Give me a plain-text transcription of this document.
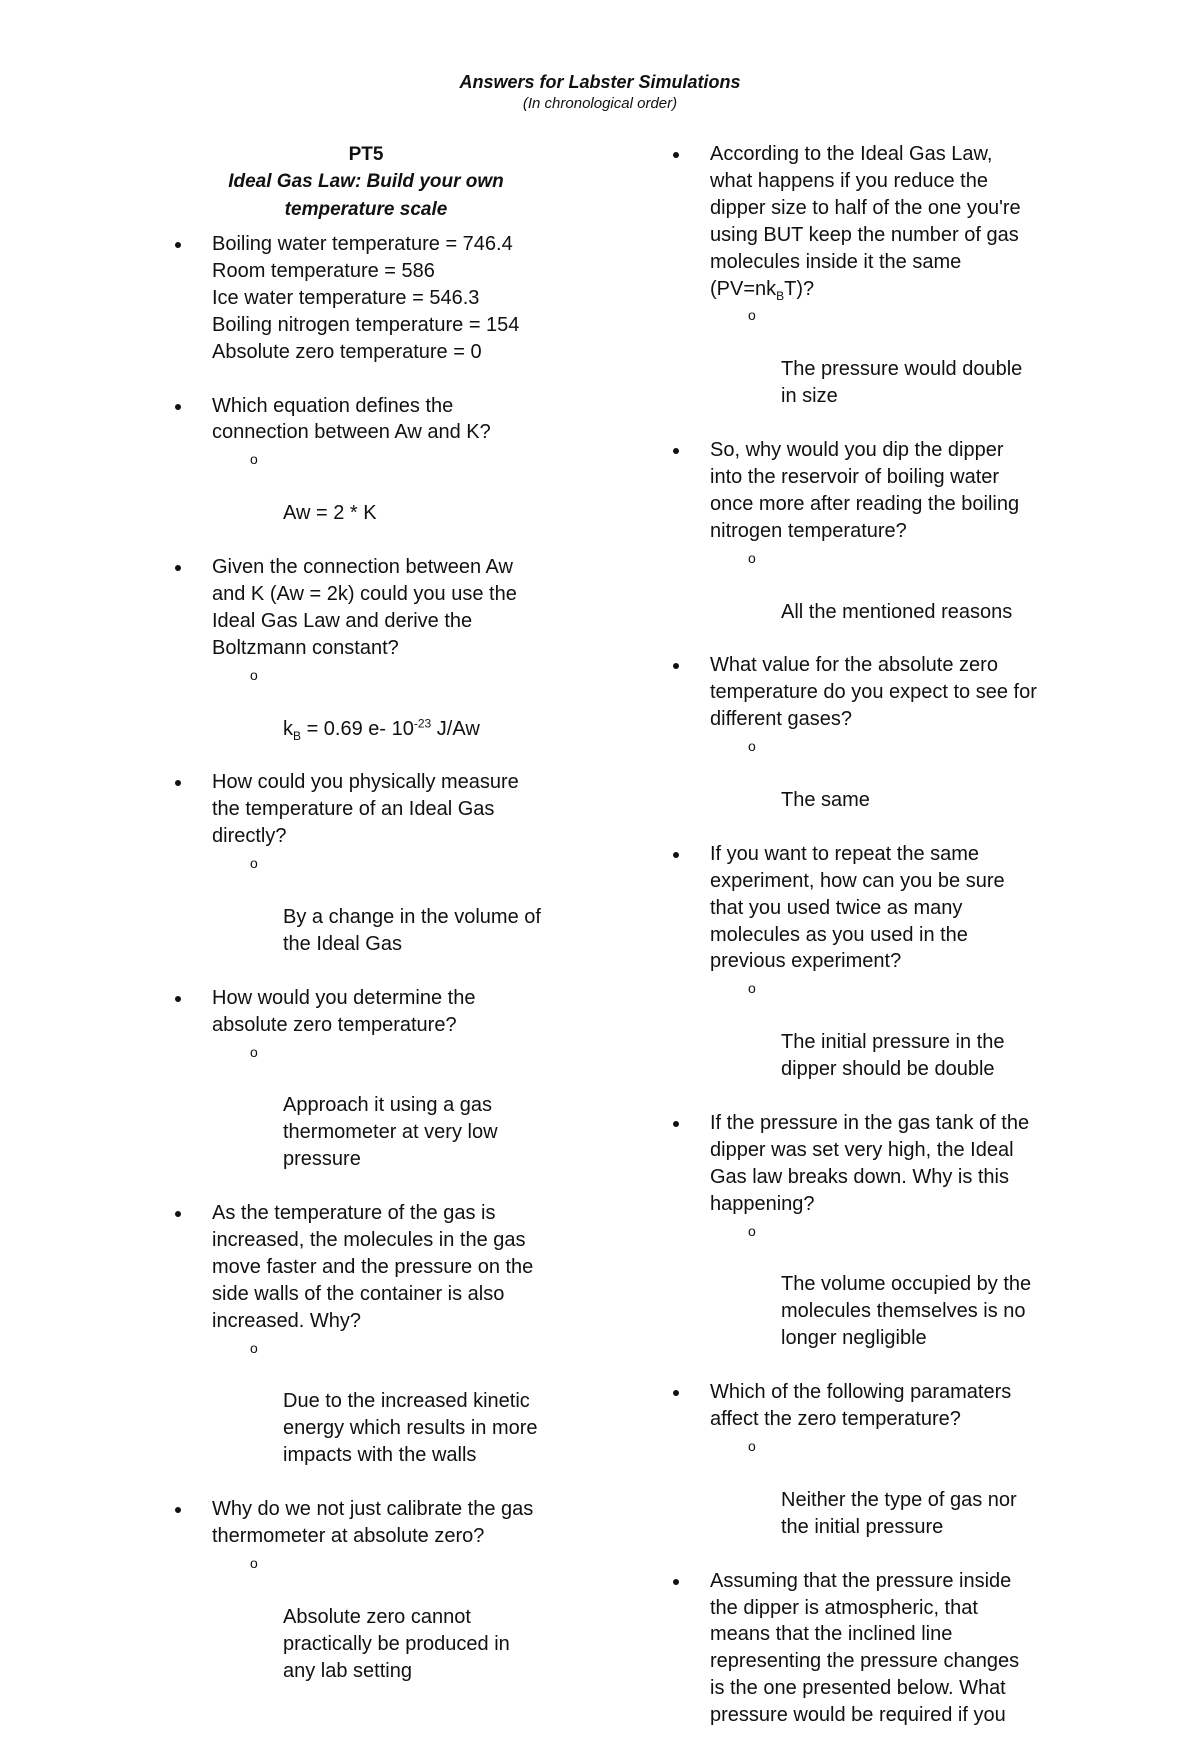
Answers for Labster Simulations
(In chronological order)
PT5
Ideal Gas Law: Build your own
temperature scale
Boiling water temperature = 746.4
Room temperature = 586
Ice water temperature = 546.3
Boiling nitrogen temperature = 154
Absolute zero temperature = 0
Which equation defines the
connection between Aw and K?

o

Aw = 2 * K

Given the connection between Aw
and K (Aw = 2k) could you use the
Ideal Gas Law and derive the
Boltzmann constant?

o

$k_B = 0.69$ e- $10^{-23}$ J/Aw

How could you physically measure
the temperature of an Ideal Gas
directly?

o

By a change in the volume of
the Ideal Gas

How would you determine the
absolute zero temperature?

o

Approach it using a gas
thermometer at very low
pressure

As the temperature of the gas is
increased, the molecules in the gas
move faster and the pressure on the
side walls of the container is also
increased. Why?

o

Due to the increased kinetic
energy which results in more
impacts with the walls

Why do we not just calibrate the gas
thermometer at absolute zero?

o

Absolute zero cannot
practically be produced in
any lab setting

According to the Ideal Gas Law,
what happens if you reduce the
dipper size to half of the one you're
using BUT keep the number of gas
molecules inside it the same
$(PV=nk_BT)$?

o

The pressure would double
in size

So, why would you dip the dipper
into the reservoir of boiling water
once more after reading the boiling
nitrogen temperature?

o

All the mentioned reasons

What value for the absolute zero
temperature do you expect to see for
different gases?

o

The same

If you want to repeat the same
experiment, how can you be sure
that you used twice as many
molecules as you used in the
previous experiment?

o

The initial pressure in the
dipper should be double

If the pressure in the gas tank of the
dipper was set very high, the Ideal
Gas law breaks down. Why is this
happening?

o

The volume occupied by the
molecules themselves is no
longer negligible

Which of the following paramaters
affect the zero temperature?

o

Neither the type of gas nor
the initial pressure

Assuming that the pressure inside
the dipper is atmospheric, that
means that the inclined line
representing the pressure changes
is the one presented below. What
pressure would be required if you
